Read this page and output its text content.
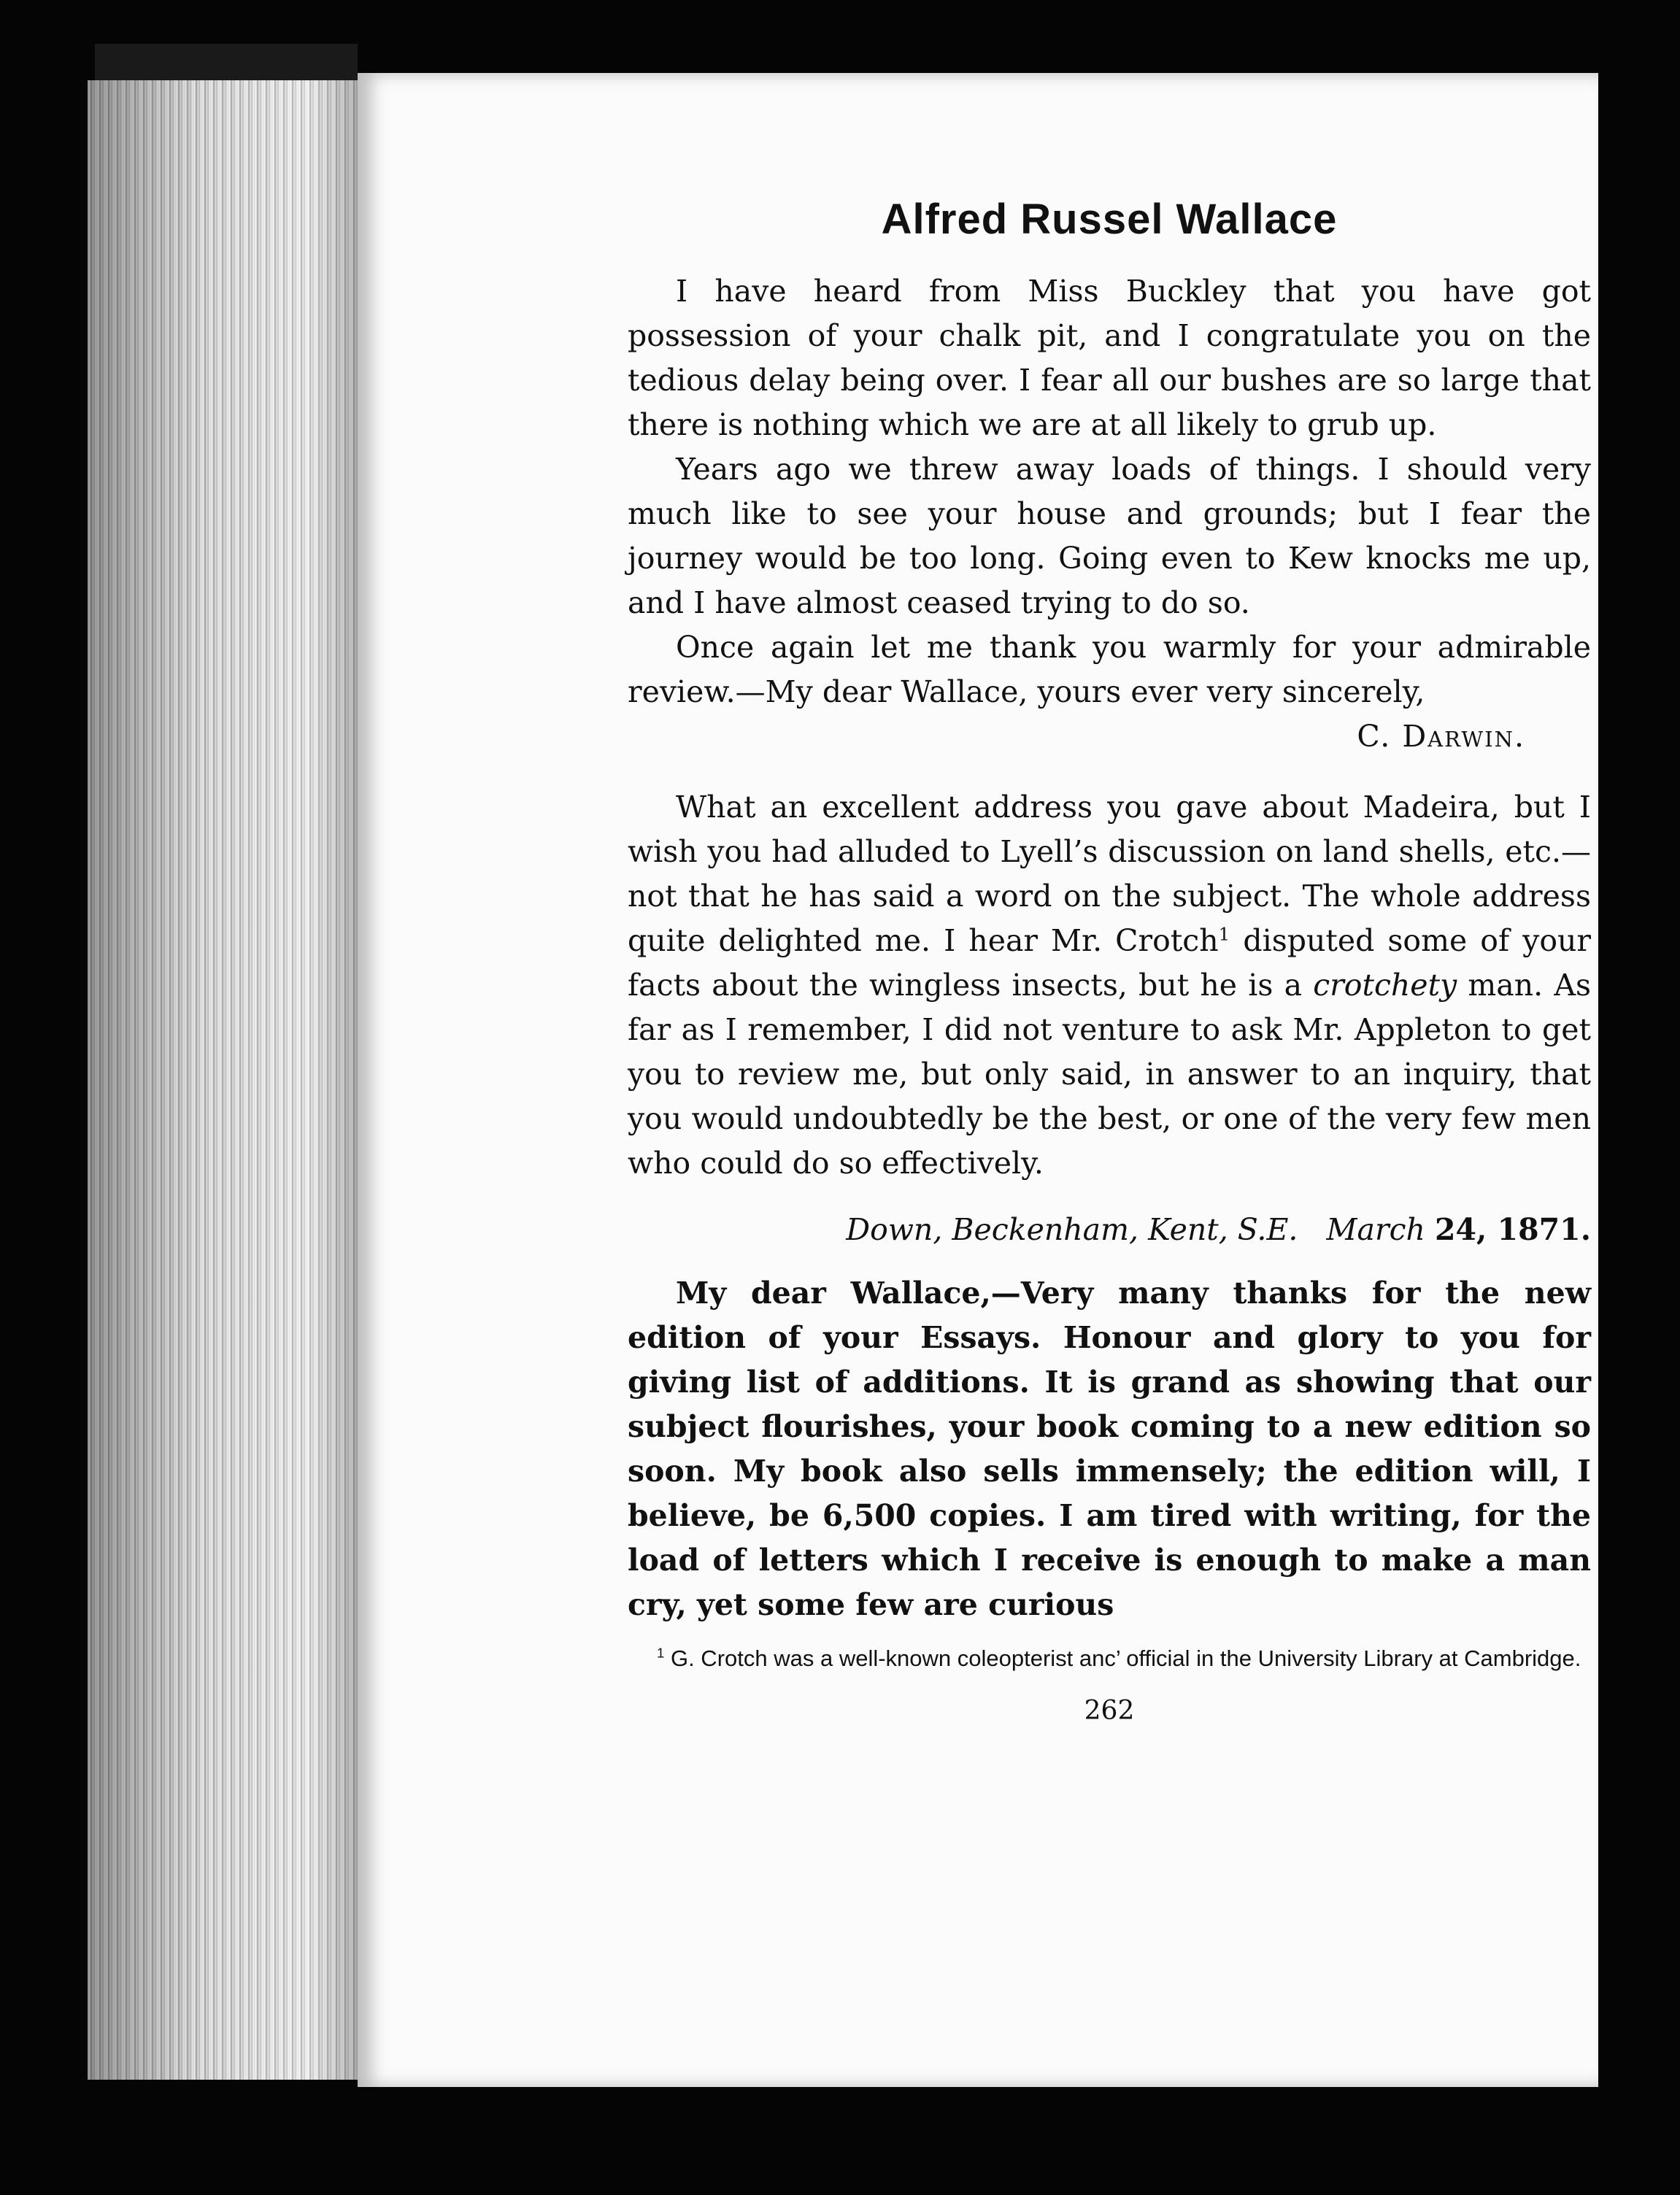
Alfred Russel Wallace

I have heard from Miss Buckley that you have got possession of your chalk pit, and I congratulate you on the tedious delay being over. I fear all our bushes are so large that there is nothing which we are at all likely to grub up.

Years ago we threw away loads of things. I should very much like to see your house and grounds; but I fear the journey would be too long. Going even to Kew knocks me up, and I have almost ceased trying to do so.

Once again let me thank you warmly for your admirable review.—My dear Wallace, yours ever very sincerely,

C. Darwin.

What an excellent address you gave about Madeira, but I wish you had alluded to Lyell’s discussion on land shells, etc.—not that he has said a word on the subject. The whole address quite delighted me. I hear Mr. Crotch$^1$ disputed some of your facts about the wingless insects, but he is a crotchety man. As far as I remember, I did not venture to ask Mr. Appleton to get you to review me, but only said, in answer to an inquiry, that you would undoubtedly be the best, or one of the very few men who could do so effectively.

Down, Beckenham, Kent, S.E. March 24, 1871.

My dear Wallace,—Very many thanks for the new edition of your Essays. Honour and glory to you for giving list of additions. It is grand as showing that our subject flourishes, your book coming to a new edition so soon. My book also sells immensely; the edition will, I believe, be 6,500 copies. I am tired with writing, for the load of letters which I receive is enough to make a man cry, yet some few are curious

$^1$ G. Crotch was a well-known coleopterist anc’ official in the University Library at Cambridge.

262
